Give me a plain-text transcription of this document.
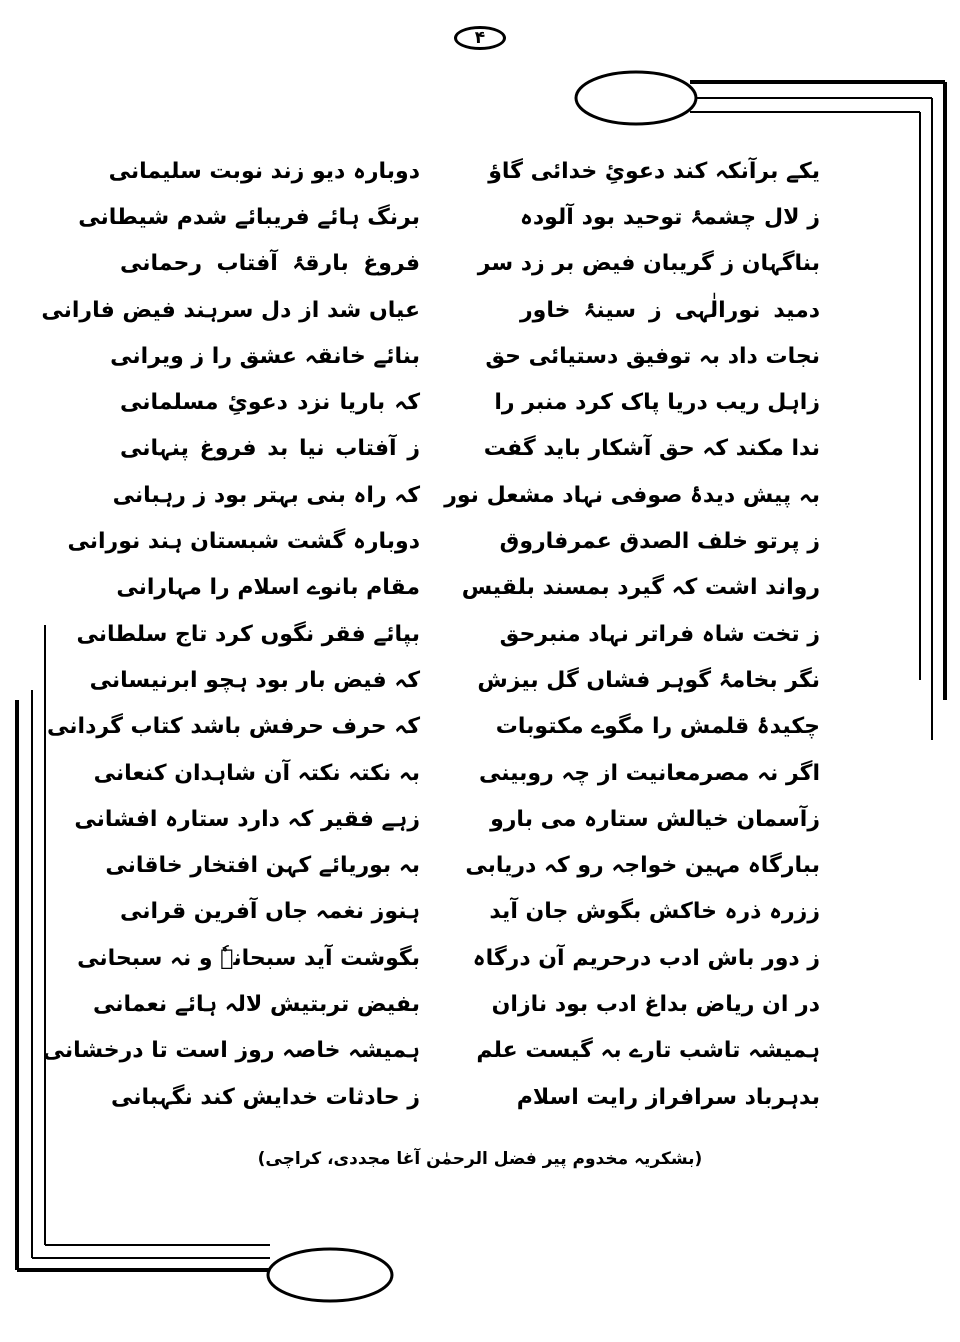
۴
یکے برآنکہ کند دعوئِ خدائی گاؤ
دوبارہ دیو زند نوبت سلیمانی
ز لال چشمۂ توحید بود آلودہ
برنگ ہائے فریبائے شدم شیطانی
بناگہان ز گریبان فیض بر زد سر
فروغ بارقۂ آفتاب رحمانی
دمید نورالٰہی ز سینۂ خاور
عیاں شد از دل سرہند فیض فارانی
نجات داد بہ توفیق دستیائی حق
بنائے خانقہ عشق را ز ویرانی
زاہل ریب دریا پاک کرد منبر را
کہ باریا نزد دعوئِ مسلمانی
ندا مکند کہ حق آشکار باید گفت
ز آفتاب نیا بد فروغ پنہانی
بہ پیش دیدۂ صوفی نہاد مشعل نور
کہ راہ بنی بہتر بود ز رہبانی
ز پرتو خلف الصدق عمرفاروق
دوبارہ گشت شبستان ہند نورانی
رواند اشت کہ گیرد بمسند بلقیس
مقام بانوے اسلام را مہارانی
ز تخت شاہ فراتر نہاد منبرحق
بپائے فقر نگوں کرد تاج سلطانی
نگر بخامۂ گوہر فشاں گل بیزش
کہ فیض بار بود ہچو ابرنیسانی
چکیدۂ قلمش را مگوے مکتوبات
کہ حرف حرفش باشد کتاب گردانی
اگر نہ مصرمعانیت از چہ روبینی
بہ نکتہ نکتہ آن شاہدان کنعانی
زآسمان خیالش ستارہ می بارو
زہے فقیر کہ دارد ستارہ افشانی
ببارگاہ مہین خواجہ رو کہ دریابی
بہ بوریائے کہن افتخار خاقانی
ززرہ ذرہ خاکش بگوش جان آید
ہنوز نغمہ جاں آفرین قرانی
ز دور باش ادب درحریم آن درگاہ
بگوشت آید سبحانہٗ و نہ سبحانی
در ان ریاض بداغ ادب بود نازان
بفیض تربتیش لالہ ہائے نعمانی
ہمیشہ تاشب تارے بہ گیست علم
ہمیشہ خاصہ روز است تا درخشانی
بدہرباد سرافراز رایت اسلام
ز حادثات خدایش کند نگہبانی
(بشکریہ مخدوم پیر فضل الرحمٰن آغا مجددی، کراچی)
